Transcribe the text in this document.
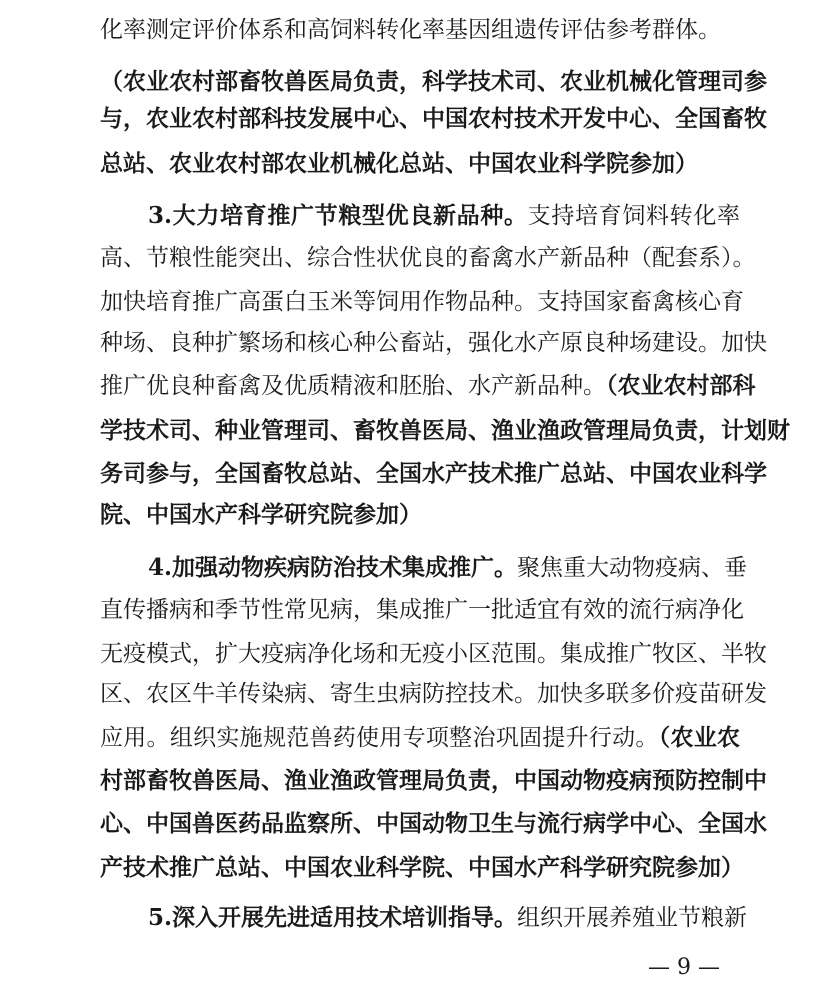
化率测定评价体系和高饲料转化率基因组遗传评估参考群体。
（农业农村部畜牧兽医局负责，科学技术司、农业机械化管理司参
与，农业农村部科技发展中心、中国农村技术开发中心、全国畜牧
总站、农业农村部农业机械化总站、中国农业科学院参加）
3.大力培育推广节粮型优良新品种。支持培育饲料转化率
高、节粮性能突出、综合性状优良的畜禽水产新品种（配套系）。
加快培育推广高蛋白玉米等饲用作物品种。支持国家畜禽核心育
种场、良种扩繁场和核心种公畜站，强化水产原良种场建设。加快
推广优良种畜禽及优质精液和胚胎、水产新品种。（农业农村部科
学技术司、种业管理司、畜牧兽医局、渔业渔政管理局负责，计划财
务司参与，全国畜牧总站、全国水产技术推广总站、中国农业科学
院、中国水产科学研究院参加）
4.加强动物疾病防治技术集成推广。聚焦重大动物疫病、垂
直传播病和季节性常见病，集成推广一批适宜有效的流行病净化
无疫模式，扩大疫病净化场和无疫小区范围。集成推广牧区、半牧
区、农区牛羊传染病、寄生虫病防控技术。加快多联多价疫苗研发
应用。组织实施规范兽药使用专项整治巩固提升行动。（农业农
村部畜牧兽医局、渔业渔政管理局负责，中国动物疫病预防控制中
心、中国兽医药品监察所、中国动物卫生与流行病学中心、全国水
产技术推广总站、中国农业科学院、中国水产科学研究院参加）
5.深入开展先进适用技术培训指导。组织开展养殖业节粮新
— 9 —
